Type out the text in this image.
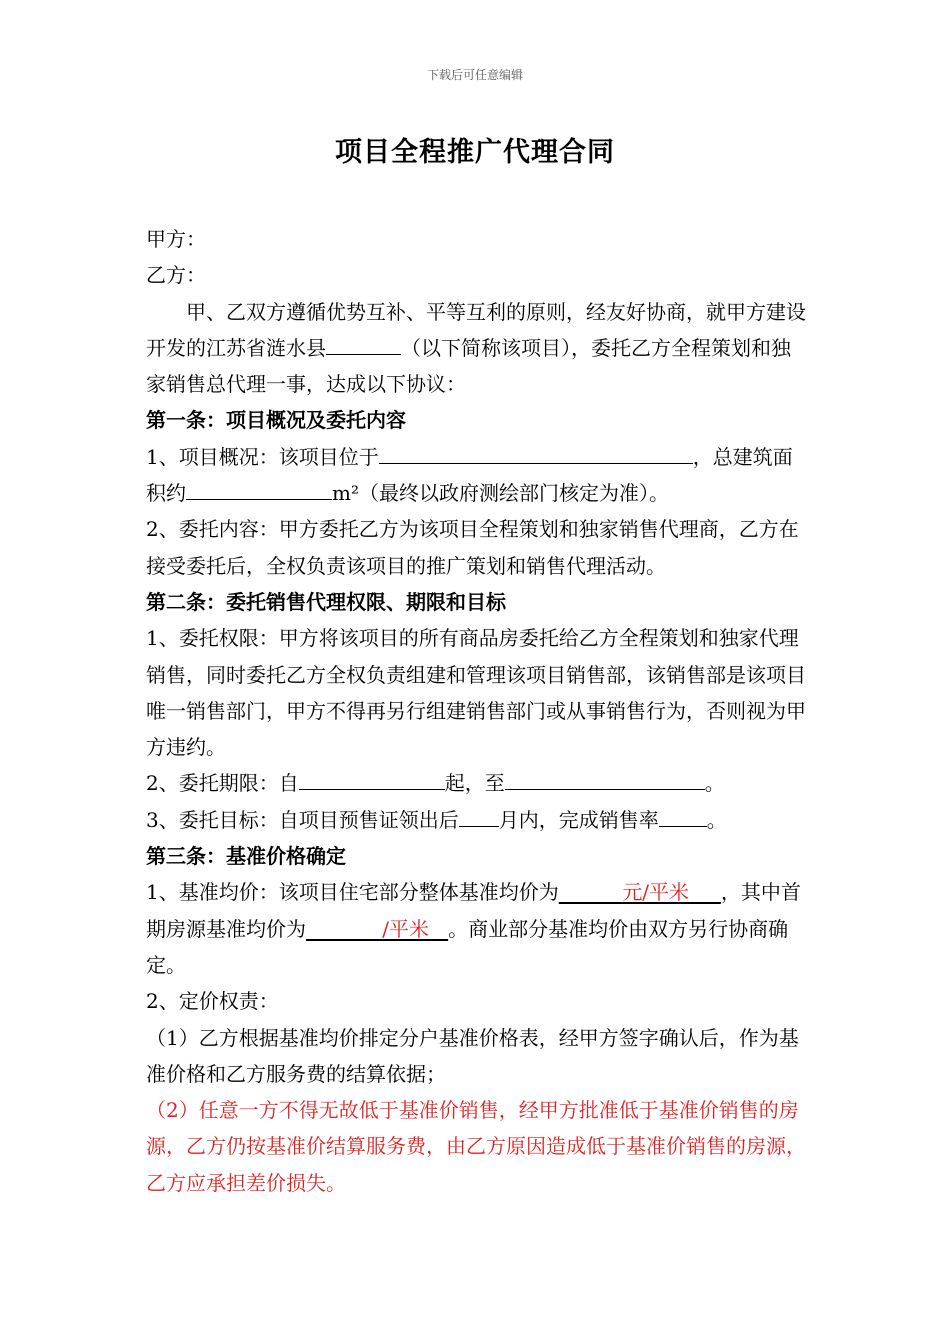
下载后可任意编辑
项目全程推广代理合同

甲方：

乙方：

甲、乙双方遵循优势互补、平等互利的原则，经友好协商，就甲方建设开发的江苏省涟水县	（以下简称该项目），委托乙方全程策划和独家销售总代理一事，达成以下协议：

第一条：项目概况及委托内容

1、项目概况：该项目位于	，总建筑面积约	m²（最终以政府测绘部门核定为准）。

2、委托内容：甲方委托乙方为该项目全程策划和独家销售代理商，乙方在接受委托后，全权负责该项目的推广策划和销售代理活动。

第二条：委托销售代理权限、期限和目标

1、委托权限：甲方将该项目的所有商品房委托给乙方全程策划和独家代理销售，同时委托乙方全权负责组建和管理该项目销售部，该销售部是该项目唯一销售部门，甲方不得再另行组建销售部门或从事销售行为，否则视为甲方违约。

2、委托期限：自	起，至	。

3、委托目标：自项目预售证领出后 月内，完成销售率 。

第三条：基准价格确定

1、基准均价：该项目住宅部分整体基准均价为	元/平米 ，其中首期房源基准均价为	/平米 。商业部分基准均价由双方另行协商确定。

2、定价权责：

（1）乙方根据基准均价排定分户基准价格表，经甲方签字确认后，作为基准价格和乙方服务费的结算依据；

（2）任意一方不得无故低于基准价销售，经甲方批准低于基准价销售的房源，乙方仍按基准价结算服务费，由乙方原因造成低于基准价销售的房源，乙方应承担差价损失。
